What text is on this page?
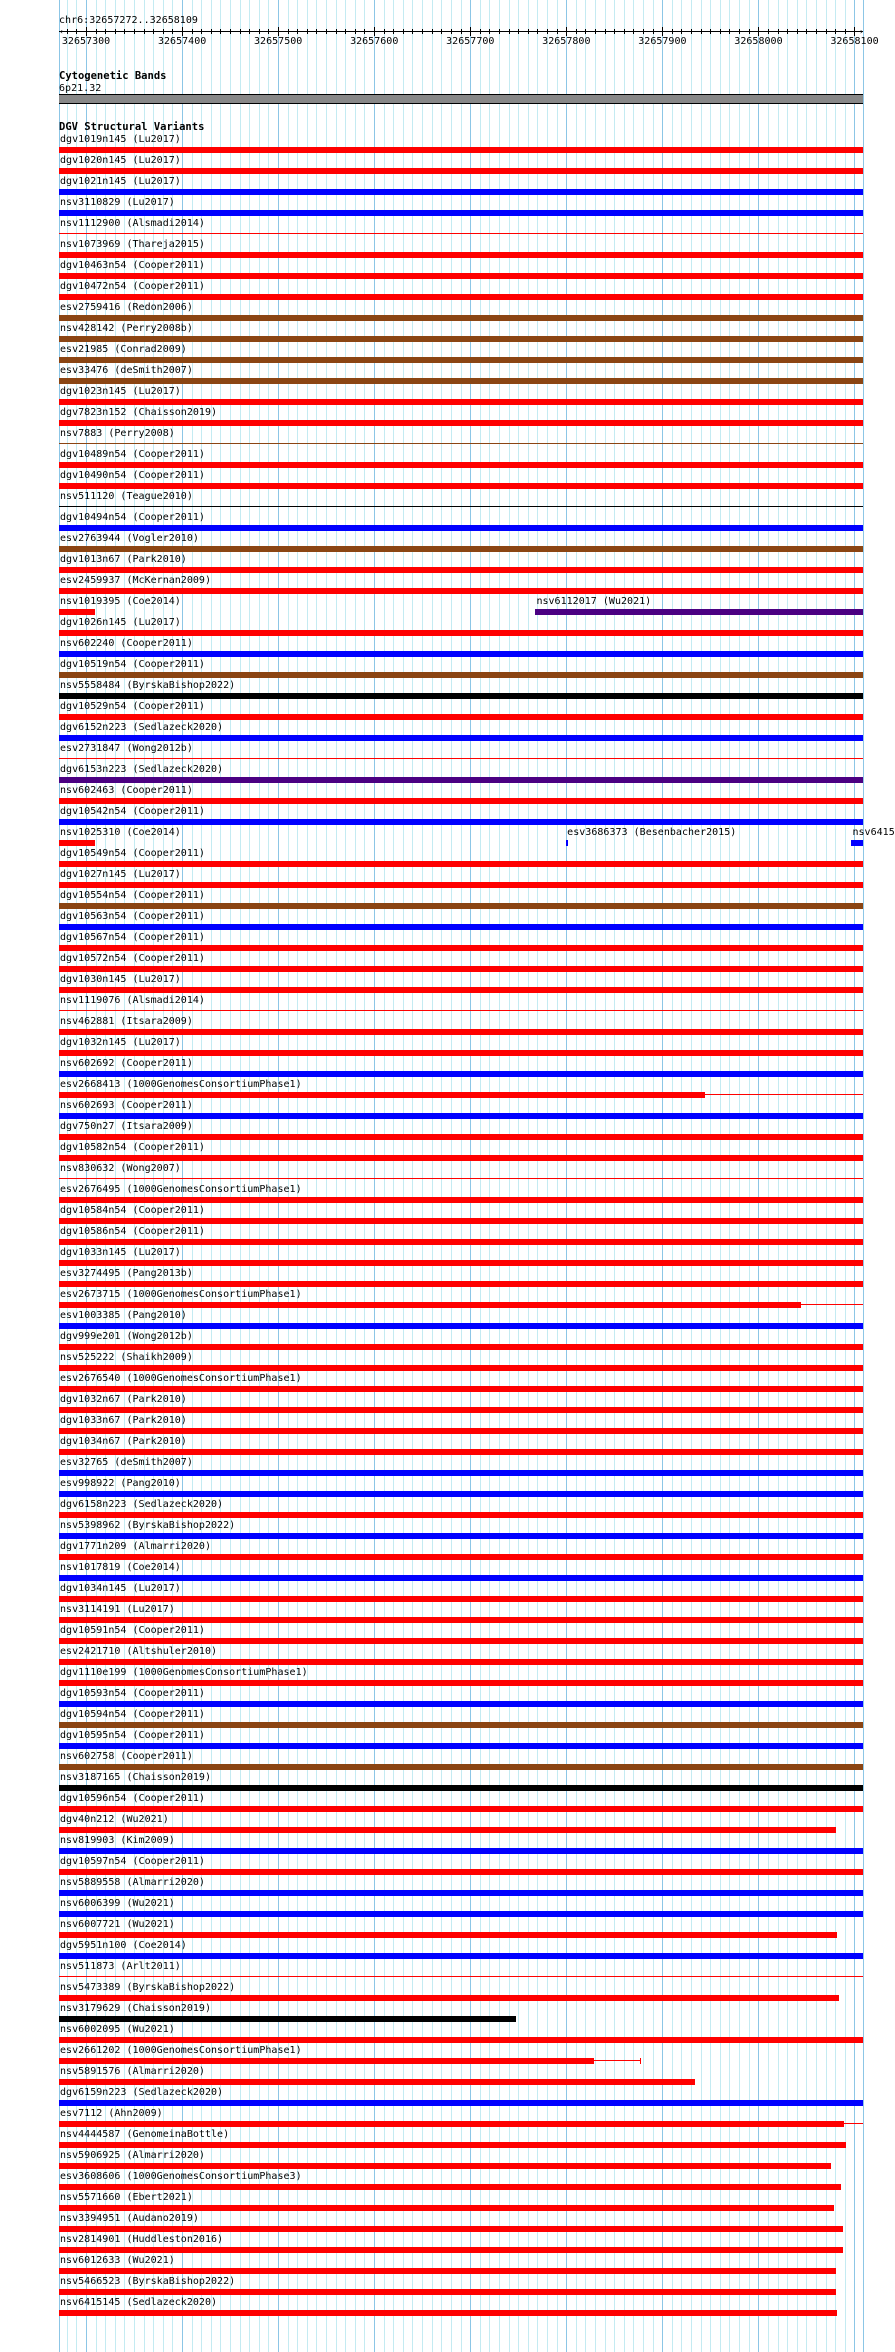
chr6:32657272..32658109
‹	›
32657300	32657400	32657500	32657600	32657700	32657800	32657900	32658000	32658100
Cytogenetic Bands
6p21.32
DGV Structural Variants
dgv1019n145 (Lu2017)
dgv1020n145 (Lu2017)
dgv1021n145 (Lu2017)
nsv3110829 (Lu2017)
nsv1112900 (Alsmadi2014)
nsv1073969 (Thareja2015)
dgv10463n54 (Cooper2011)
dgv10472n54 (Cooper2011)
esv2759416 (Redon2006)
nsv428142 (Perry2008b)
esv21985 (Conrad2009)
esv33476 (deSmith2007)
dgv1023n145 (Lu2017)
dgv7823n152 (Chaisson2019)
nsv7883 (Perry2008)
dgv10489n54 (Cooper2011)
dgv10490n54 (Cooper2011)
nsv511120 (Teague2010)
dgv10494n54 (Cooper2011)
esv2763944 (Vogler2010)
dgv1013n67 (Park2010)
esv2459937 (McKernan2009)
nsv1019395 (Coe2014)	nsv6112017 (Wu2021)
dgv1026n145 (Lu2017)
nsv602240 (Cooper2011)
dgv10519n54 (Cooper2011)
nsv5558484 (ByrskaBishop2022)
dgv10529n54 (Cooper2011)
dgv6152n223 (Sedlazeck2020)
esv2731847 (Wong2012b)
dgv6153n223 (Sedlazeck2020)
nsv602463 (Cooper2011)
dgv10542n54 (Cooper2011)
nsv1025310 (Coe2014)	esv3686373 (Besenbacher2015)	nsv6415
dgv10549n54 (Cooper2011)
dgv1027n145 (Lu2017)
dgv10554n54 (Cooper2011)
dgv10563n54 (Cooper2011)
dgv10567n54 (Cooper2011)
dgv10572n54 (Cooper2011)
dgv1030n145 (Lu2017)
nsv1119076 (Alsmadi2014)
nsv462881 (Itsara2009)
dgv1032n145 (Lu2017)
nsv602692 (Cooper2011)
esv2668413 (1000GenomesConsortiumPhase1)
nsv602693 (Cooper2011)
dgv750n27 (Itsara2009)
dgv10582n54 (Cooper2011)
nsv830632 (Wong2007)
esv2676495 (1000GenomesConsortiumPhase1)
dgv10584n54 (Cooper2011)
dgv10586n54 (Cooper2011)
dgv1033n145 (Lu2017)
esv3274495 (Pang2013b)
esv2673715 (1000GenomesConsortiumPhase1)
esv1003385 (Pang2010)
dgv999e201 (Wong2012b)
nsv525222 (Shaikh2009)
esv2676540 (1000GenomesConsortiumPhase1)
dgv1032n67 (Park2010)
dgv1033n67 (Park2010)
dgv1034n67 (Park2010)
esv32765 (deSmith2007)
esv998922 (Pang2010)
dgv6158n223 (Sedlazeck2020)
nsv5398962 (ByrskaBishop2022)
dgv1771n209 (Almarri2020)
nsv1017819 (Coe2014)
dgv1034n145 (Lu2017)
nsv3114191 (Lu2017)
dgv10591n54 (Cooper2011)
esv2421710 (Altshuler2010)
dgv1110e199 (1000GenomesConsortiumPhase1)
dgv10593n54 (Cooper2011)
dgv10594n54 (Cooper2011)
dgv10595n54 (Cooper2011)
nsv602758 (Cooper2011)
nsv3187165 (Chaisson2019)
dgv10596n54 (Cooper2011)
dgv40n212 (Wu2021)
nsv819903 (Kim2009)
dgv10597n54 (Cooper2011)
nsv5889558 (Almarri2020)
nsv6006399 (Wu2021)
nsv6007721 (Wu2021)
dgv5951n100 (Coe2014)
nsv511873 (Arlt2011)
nsv5473389 (ByrskaBishop2022)
nsv3179629 (Chaisson2019)
nsv6002095 (Wu2021)
esv2661202 (1000GenomesConsortiumPhase1)
nsv5891576 (Almarri2020)
dgv6159n223 (Sedlazeck2020)
esv7112 (Ahn2009)
nsv4444587 (GenomeinaBottle)
nsv5906925 (Almarri2020)
esv3608606 (1000GenomesConsortiumPhase3)
nsv5571660 (Ebert2021)
nsv3394951 (Audano2019)
nsv2814901 (Huddleston2016)
nsv6012633 (Wu2021)
nsv5466523 (ByrskaBishop2022)
nsv6415145 (Sedlazeck2020)
